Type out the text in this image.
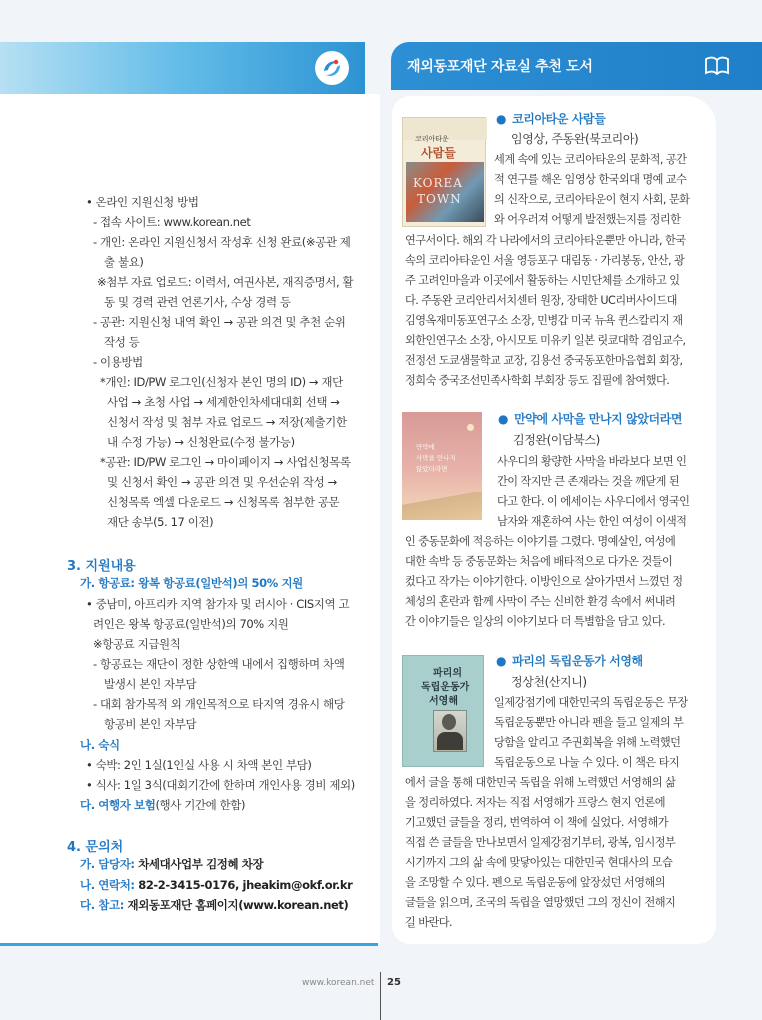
재외동포재단 자료실 추천 도서
• 온라인 지원신청 방법
- 접속 사이트: www.korean.net
- 개인: 온라인 지원신청서 작성후 신청 완료(※공관 제
출 불요)
※첨부 자료 업로드: 이력서, 여권사본, 재직증명서, 활
동 및 경력 관련 언론기사, 수상 경력 등
- 공관: 지원신청 내역 확인 → 공관 의견 및 추천 순위
작성 등
- 이용방법
*개인: ID/PW 로그인(신청자 본인 명의 ID) → 재단
사업 → 초청 사업 → 세계한인차세대대회 선택 →
신청서 작성 및 첨부 자료 업로드 → 저장(제출기한
내 수정 가능) → 신청완료(수정 불가능)
*공관: ID/PW 로그인 → 마이페이지 → 사업신청목록
및 신청서 확인 → 공관 의견 및 우선순위 작성 →
신청목록 엑셀 다운로드 → 신청목록 첨부한 공문
재단 송부(5. 17 이전)
3. 지원내용
가. 항공료: 왕복 항공료(일반석)의 50% 지원
• 중남미, 아프리카 지역 참가자 및 러시아 · CIS지역 고
려인은 왕복 항공료(일반석)의 70% 지원
※항공료 지급원칙
- 항공료는 재단이 정한 상한액 내에서 집행하며 차액
발생시 본인 자부담
- 대회 참가목적 외 개인목적으로 타지역 경유시 해당
항공비 본인 자부담
나. 숙식
• 숙박: 2인 1실(1인실 사용 시 차액 본인 부담)
• 식사: 1일 3식(대회기간에 한하며 개인사용 경비 제외)
다. 여행자 보험(행사 기간에 한함)
4. 문의처
가. 담당자: 차세대사업부 김정혜 차장
나. 연락처: 82-2-3415-0176, jheakim@okf.or.kr
다. 참고: 재외동포재단 홈페이지(www.korean.net)
코리아타운
사람들
KOREA
TOWN
● 코리아타운 사람들
임영상, 주동완(북코리아)
세계 속에 있는 코리아타운의 문화적, 공간
적 연구를 해온 임영상 한국외대 명예 교수
의 신작으로, 코리아타운이 현지 사회, 문화
와 어우러져 어떻게 발전했는지를 정리한
연구서이다. 해외 각 나라에서의 코리아타운뿐만 아니라, 한국
속의 코리아타운인 서울 영등포구 대림동 · 가리봉동, 안산, 광
주 고려인마을과 이곳에서 활동하는 시민단체를 소개하고 있
다. 주동완 코리안리서치센터 원장, 장태한 UC리버사이드대
김영옥재미동포연구소 소장, 민병갑 미국 뉴욕 퀸스칼리지 재
외한인연구소 소장, 아시모토 미유키 일본 릿쿄대학 겸임교수,
전정선 도쿄샘물학교 교장, 김용선 중국동포한마음협회 회장,
정희숙 중국조선민족사학회 부회장 등도 집필에 참여했다.
만약에
사막을 만나지
않았더라면
● 만약에 사막을 만나지 않았더라면
김정완(이담북스)
사우디의 황량한 사막을 바라보다 보면 인
간이 작지만 큰 존재라는 것을 깨닫게 된
다고 한다. 이 에세이는 사우디에서 영국인
남자와 재혼하여 사는 한인 여성이 이색적
인 중동문화에 적응하는 이야기를 그렸다. 명예살인, 여성에
대한 속박 등 중동문화는 처음에 배타적으로 다가온 것들이
컸다고 작가는 이야기한다. 이방인으로 살아가면서 느꼈던 정
체성의 혼란과 함께 사막이 주는 신비한 환경 속에서 써내려
간 이야기들은 일상의 이야기보다 더 특별함을 담고 있다.
파리의
독립운동가
서영해
● 파리의 독립운동가 서영해
정상천(산지니)
일제강점기에 대한민국의 독립운동은 무장
독립운동뿐만 아니라 펜을 들고 일제의 부
당함을 알리고 주권회복을 위해 노력했던
독립운동으로 나눌 수 있다. 이 책은 타지
에서 글을 통해 대한민국 독립을 위해 노력했던 서영해의 삶
을 정리하였다. 저자는 직접 서영해가 프랑스 현지 언론에
기고했던 글들을 정리, 번역하여 이 책에 실었다. 서영해가
직접 쓴 글들을 만나보면서 일제강점기부터, 광복, 임시정부
시기까지 그의 삶 속에 맞닿아있는 대한민국 현대사의 모습
을 조망할 수 있다. 펜으로 독립운동에 앞장섰던 서영해의
글들을 읽으며, 조국의 독립을 열망했던 그의 정신이 전해지
길 바란다.
www.korean.net 25
